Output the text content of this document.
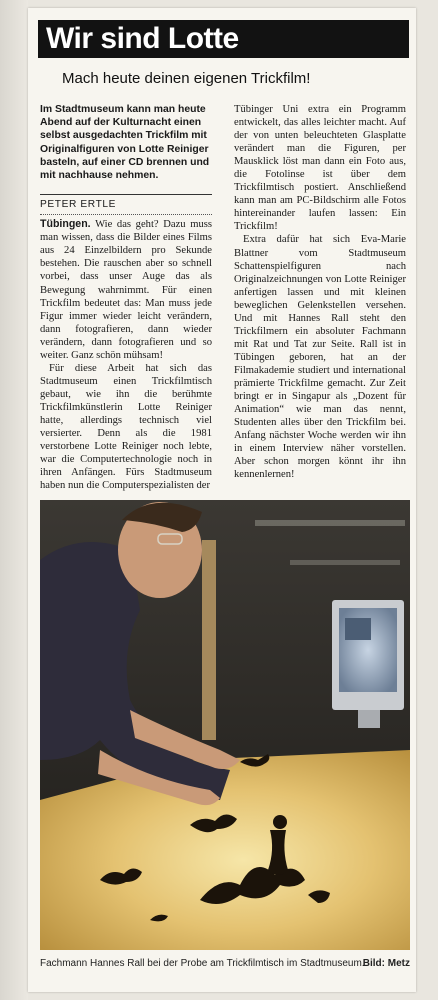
Wir sind Lotte
Mach heute deinen eigenen Trickfilm!

Im Stadtmuseum kann man heute Abend auf der Kulturnacht einen selbst ausgedachten Trickfilm mit Originalfiguren von Lotte Reiniger basteln, auf einer CD brennen und mit nachhause nehmen.

PETER ERTLE

Tübingen. Wie das geht? Dazu muss man wissen, dass die Bilder eines Films aus 24 Einzelbildern pro Sekunde bestehen. Die rauschen aber so schnell vorbei, dass unser Auge das als Bewegung wahrnimmt. Für einen Trickfilm bedeutet das: Man muss jede Figur immer wieder leicht verändern, dann fotografieren, dann wieder verändern, dann fotografieren und so weiter. Ganz schön mühsam!

Für diese Arbeit hat sich das Stadtmuseum einen Trickfilmtisch gebaut, wie ihn die berühmte Trickfilmkünstlerin Lotte Reiniger hatte, allerdings technisch viel versierter. Denn als die 1981 verstorbene Lotte Reiniger noch lebte, war die Computertechnologie noch in ihren Anfängen. Fürs Stadtmuseum haben nun die Computerspezialisten der

Tübinger Uni extra ein Programm entwickelt, das alles leichter macht. Auf der von unten beleuchteten Glasplatte verändert man die Figuren, per Mausklick löst man dann ein Foto aus, die Fotolinse ist über dem Trickfilmtisch postiert. Anschließend kann man am PC-Bildschirm alle Fotos hintereinander laufen lassen: Ein Trickfilm!

Extra dafür hat sich Eva-Marie Blattner vom Stadtmuseum Schattenspielfiguren nach Originalzeichnungen von Lotte Reiniger anfertigen lassen und mit kleinen beweglichen Gelenkstellen versehen. Und mit Hannes Rall steht den Trickfilmern ein absoluter Fachmann mit Rat und Tat zur Seite. Rall ist in Tübingen geboren, hat an der Filmakademie studiert und international prämierte Trickfilme gemacht. Zur Zeit bringt er in Singapur als „Dozent für Animation“ wie man das nennt, Studenten alles über den Trickfilm bei. Anfang nächster Woche werden wir ihn in einem Interview näher vorstellen. Aber schon morgen könnt ihr ihn kennenlernen!

Fachmann Hannes Rall bei der Probe am Trickfilmtisch im Stadtmuseum.
Bild: Metz
